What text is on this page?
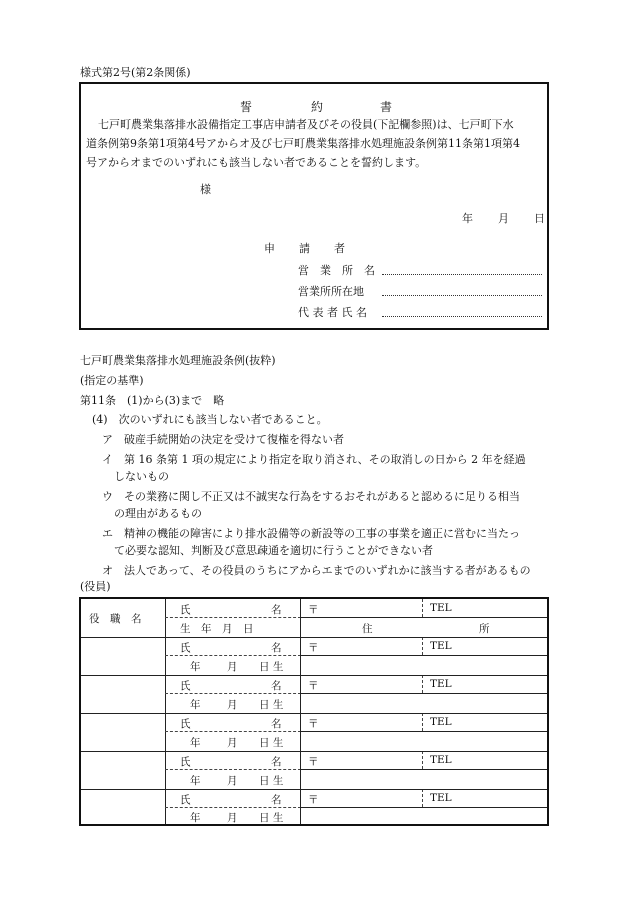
様式第2号(第2条関係)
誓	約	書
七戸町農業集落排水設備指定工事店申請者及びその役員(下記欄参照)は、七戸町下水
道条例第9条第1項第4号アからオ及び七戸町農業集落排水処理施設条例第11条第1項第4
号アからオまでのいずれにも該当しない者であることを誓約します。
様
年 月 日
申 請 者
営　業　所　名
営業所所在地
代 表 者 氏 名
七戸町農業集落排水処理施設条例(抜粋)
(指定の基準)
第11条　(1)から(3)まで　略
(4)　次のいずれにも該当しない者であること。
ア　破産手続開始の決定を受けて復権を得ない者
イ　第 16 条第 1 項の規定により指定を取り消され、その取消しの日から 2 年を経過
しないもの
ウ　その業務に関し不正又は不誠実な行為をするおそれがあると認めるに足りる相当
の理由があるもの
エ　精神の機能の障害により排水設備等の新設等の工事の事業を適正に営むに当たっ
て必要な認知、判断及び意思疎通を適切に行うことができない者
オ　法人であって、その役員のうちにアからエまでのいずれかに該当する者があるもの
(役員)
役　職　名
氏	名	〒	TEL
生　年　月　日	住	所
氏	名	〒	TEL
年	月 日 生
氏	名	〒	TEL
年	月 日 生
氏	名	〒	TEL
年	月 日 生
氏	名	〒	TEL
年	月 日 生
氏	名	〒	TEL
年	月 日 生
